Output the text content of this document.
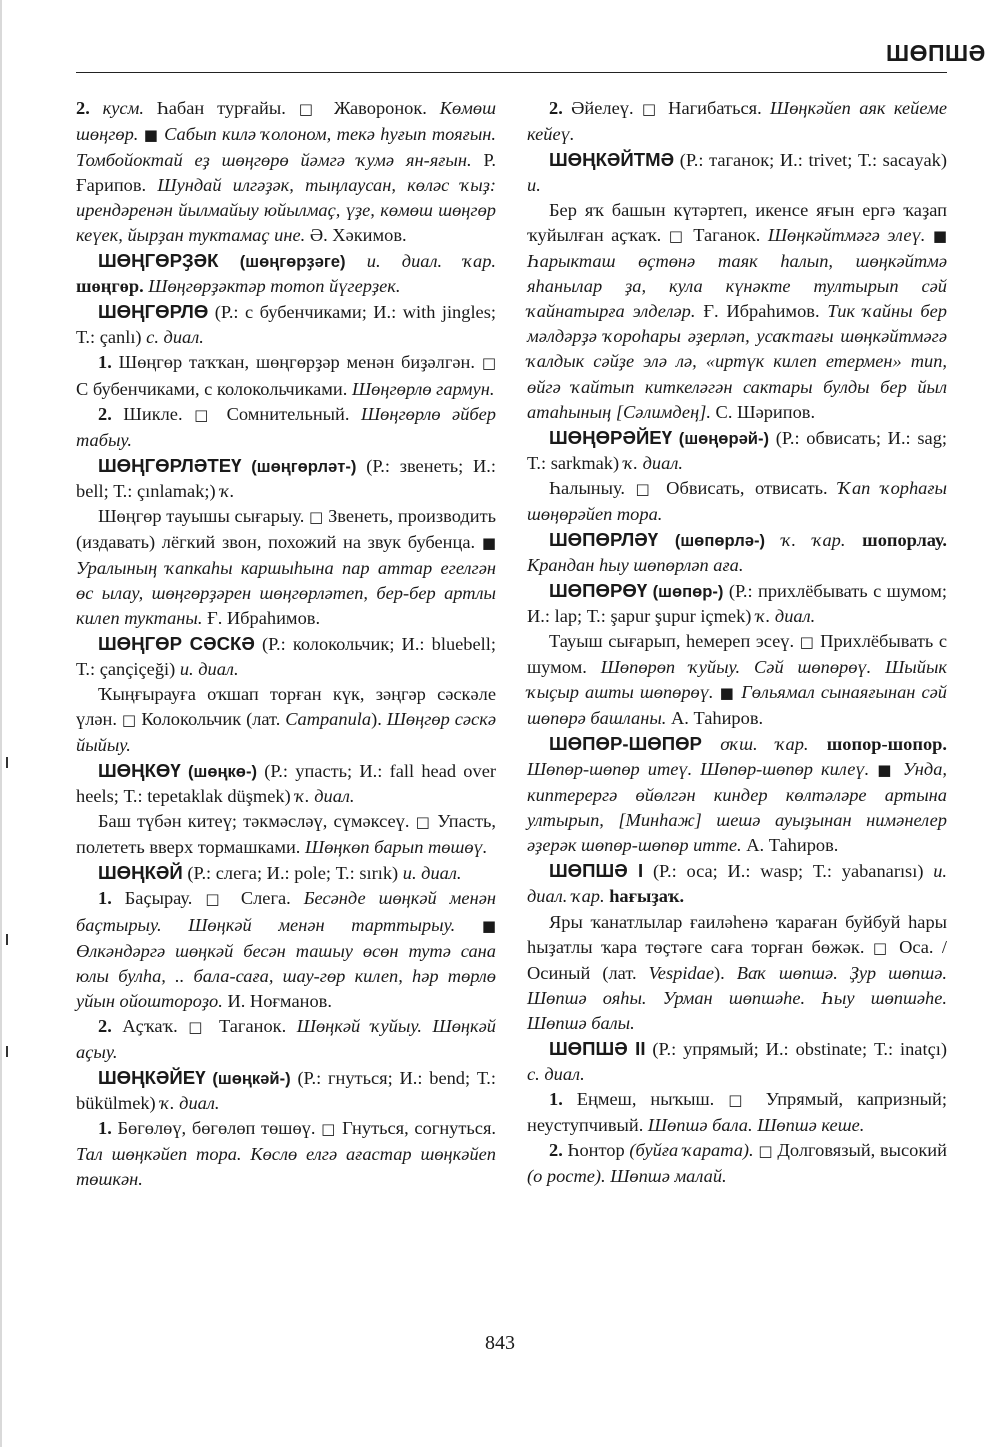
ШӨПШӘ

2. кусм. Һабан турғайы. □ Жаворонок. Көмөш шөңгөр. ■ Сабып килә ҡолоном, текә һуғып тояғын. Томбойоктай еҙ шөңгөрө йәмгә ҡумә ян-яғын. Р. Ғарипов. Шундай илгәҙәк, тыңлаусан, көләс ҡыҙ: ирендәренән йылмайыу юйылмаҫ, үҙе, көмөш шөңгөр кеүек, йырҙан туктамаҫ ине. Ә. Хәкимов.

ШӨҢГӨРҘӘК (шөңгөрҙәге) и. диал. ҡар. шөңгөр. Шөңгөрҙәктәр тотоп йүгерҙек.

ШӨҢГӨРЛӨ (Р.: с бубенчиками; И.: with jingles; Т.: çanlı) с. диал.

1. Шөңгөр таҡҡан, шөңгөрҙәр менән биҙәлгән. □ С бубенчиками, с колокольчиками. Шөңгөрлө гармун.

2. Шикле. □ Сомнительный. Шөңгөрлө әйбер табыу.

ШӨҢГӨРЛӘТЕҮ (шөңгөрләт-) (Р.: звенеть; И.: bell; Т.: çınlamak;) ҡ.

Шөңгөр тауышы сығарыу. □ Звенеть, производить (издавать) лёгкий звон, похожий на звук бубенца. ■ Уралының ҡапкаһы каршыһына пар аттар егелгән өс ылау, шөңгөрҙәрен шөңгөрләтеп, бер-бер артлы килеп туктаны. Ғ. Ибраһимов.

ШӨҢГӨР СӘСКӘ (Р.: колокольчик; И.: bluebell; Т.: çançiçeği) и. диал.

Ҡыңғырауға оҡшап торған күк, зәңгәр сәскәле үлән. □ Колокольчик (лат. Campanula). Шөңгөр сәскә йыйыу.

ШӨҢКӨҮ (шөңкө-) (Р.: упасть; И.: fall head over heels; Т.: tepetaklak düşmek) ҡ. диал.

Баш түбән китеү; тәкмәсләү, сүмәксеү. □ Упасть, полететь вверх тормашками. Шөңкөп барып төшөү.

ШӨҢКӘЙ (Р.: слега; И.: pole; Т.: sırık) и. диал.

1. Баҫырау. □ Слега. Бесәнде шөңкәй менән баҫтырыу. Шөңкәй менән тарттырыу. ■ Өлкәндәргә шөңкәй бесән ташыу өсөн тутә сана юлы булһа, .. бала-саға, шау-гөр килеп, һәр төрлө уйын ойоштороҙо. И. Ноғманов.

2. Аҫҡаҡ. □ Таганок. Шөңкәй ҡуйыу. Шөңкәй аҫыу.

ШӨҢКӘЙЕҮ (шөңкәй-) (Р.: гнуться; И.: bend; Т.: bükülmek) ҡ. диал.

1. Бөгөлөү, бөгөлөп төшөү. □ Гнуться, согнуться. Тал шөңкәйеп тора. Көслө елгә ағастар шөңкәйеп төшкән.

2. Әйелеү. □ Нагибаться. Шөңкәйеп аяк кейеме кейеү.

ШӨҢКӘЙТМӘ (Р.: таганок; И.: trivet; Т.: sacayak) и.

Бер яҡ башын күтәртеп, икенсе яғын ергә ҡаҙап ҡуйылған аҫҡаҡ. □ Таганок. Шөңкәйтмәгә элеү. ■ Һарыкташ өҫтөнә таяк һалып, шөңкәйтмә яһанылар ҙа, кула күнәкте тултырып сәй ҡайнатырға элделәр. Ғ. Ибраһимов. Тик ҡайны бер мәлдәрҙә ҡороһары әҙерләп, усаҡтағы шөңкәйтмәгә ҡалдык сәйҙе элә лә, «иртүк килеп етермен» тип, өйгә ҡайтып киткеләгән сактары булды бер йыл атаһының [Сәлимдең]. С. Шәрипов.

ШӨҢӨРӘЙЕҮ (шөңөрәй-) (Р.: обвисать; И.: sag; Т.: sarkmak) ҡ. диал.

Һалыныу. □ Обвисать, отвисать. Ҡап ҡорһағы шөңөрәйеп тора.

ШӨПӨРЛӘҮ (шөпөрлә-) ҡ. ҡар. шопорлау. Крандан һыу шөпөрләп аға.

ШӨПӨРӨҮ (шөпөр-) (Р.: прихлёбывать с шумом; И.: lap; Т.: şapur şupur içmek) ҡ. диал.

Тауыш сығарып, һемереп эсеү. □ Прихлёбывать с шумом. Шөпөрөп ҡуйыу. Сәй шөпөрөү. Шыйык ҡыҫыр ашты шөпөрөү. ■ Гөльямал сынаяғынан сәй шөпөрә башланы. А. Таһиров.

ШӨПӨР-ШӨПӨР оҡш. ҡар. шопор-шопор. Шөпөр-шөпөр итеү. Шөпөр-шөпөр килеү. ■ Унда, киптерергә өйөлгән киндер көлтәләре артына ултырып, [Минһаж] шешә ауыҙынан нимәнелер әҙерәк шөпөр-шөпөр итте. А. Таһиров.

ШӨПШӘ I (Р.: оса; И.: wasp; Т.: yabanarısı) и. диал. ҡар. һағыҙаҡ.

Яры ҡанатлылар ғаиләһенә ҡараған буйбуй һары һыҙатлы ҡара төҫтәге саға торған бөжәк. □ Оса. / Осиный (лат. Vespidae). Ваҡ шөпшә. Ҙур шөпшә. Шөпшә ояһы. Урман шөпшәһе. Һыу шөпшәһе. Шөпшә балы.

ШӨПШӘ II (Р.: упрямый; И.: obstinate; Т.: inatçı) с. диал.

1. Еңмеш, ныҡыш. □ Упрямый, капризный; неуступчивый. Шөпшә бала. Шөпшә кеше.

2. Һонтор (буйға ҡарата). □ Долговязый, высокий (о росте). Шөпшә малай.

843
